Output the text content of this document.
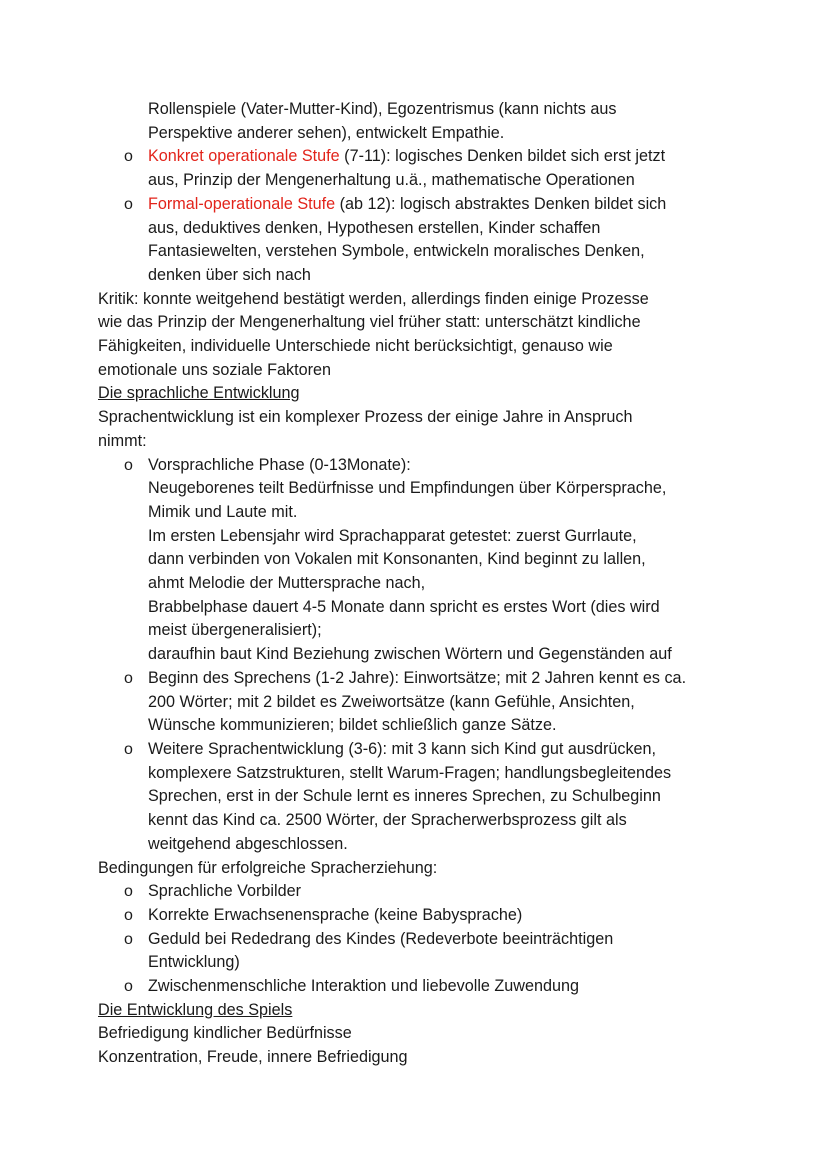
Rollenspiele (Vater-Mutter-Kind), Egozentrismus (kann nichts aus

Perspektive anderer sehen), entwickelt Empathie.

o Konkret operationale Stufe (7-11): logisches Denken bildet sich erst jetzt

aus, Prinzip der Mengenerhaltung u.ä., mathematische Operationen

o Formal-operationale Stufe (ab 12): logisch abstraktes Denken bildet sich

aus, deduktives denken, Hypothesen erstellen, Kinder schaffen

Fantasiewelten, verstehen Symbole, entwickeln moralisches Denken,

denken über sich nach

Kritik: konnte weitgehend bestätigt werden, allerdings finden einige Prozesse

wie das Prinzip der Mengenerhaltung viel früher statt: unterschätzt kindliche

Fähigkeiten, individuelle Unterschiede nicht berücksichtigt, genauso wie

emotionale uns soziale Faktoren

Die sprachliche Entwicklung

Sprachentwicklung ist ein komplexer Prozess der einige Jahre in Anspruch

nimmt:

o Vorsprachliche Phase (0-13Monate):

Neugeborenes teilt Bedürfnisse und Empfindungen über Körpersprache,

Mimik und Laute mit.

Im ersten Lebensjahr wird Sprachapparat getestet: zuerst Gurrlaute,

dann verbinden von Vokalen mit Konsonanten, Kind beginnt zu lallen,

ahmt Melodie der Muttersprache nach,

Brabbelphase dauert 4-5 Monate dann spricht es erstes Wort (dies wird

meist übergeneralisiert);

daraufhin baut Kind Beziehung zwischen Wörtern und Gegenständen auf

o Beginn des Sprechens (1-2 Jahre): Einwortsätze; mit 2 Jahren kennt es ca.

200 Wörter; mit 2 bildet es Zweiwortsätze (kann Gefühle, Ansichten,

Wünsche kommunizieren; bildet schließlich ganze Sätze.

o Weitere Sprachentwicklung (3-6): mit 3 kann sich Kind gut ausdrücken,

komplexere Satzstrukturen, stellt Warum-Fragen; handlungsbegleitendes

Sprechen, erst in der Schule lernt es inneres Sprechen, zu Schulbeginn

kennt das Kind ca. 2500 Wörter, der Spracherwerbsprozess gilt als

weitgehend abgeschlossen.

Bedingungen für erfolgreiche Spracherziehung:

o Sprachliche Vorbilder

o Korrekte Erwachsenensprache (keine Babysprache)

o Geduld bei Rededrang des Kindes (Redeverbote beeinträchtigen

Entwicklung)

o Zwischenmenschliche Interaktion und liebevolle Zuwendung

Die Entwicklung des Spiels

Befriedigung kindlicher Bedürfnisse

Konzentration, Freude, innere Befriedigung
